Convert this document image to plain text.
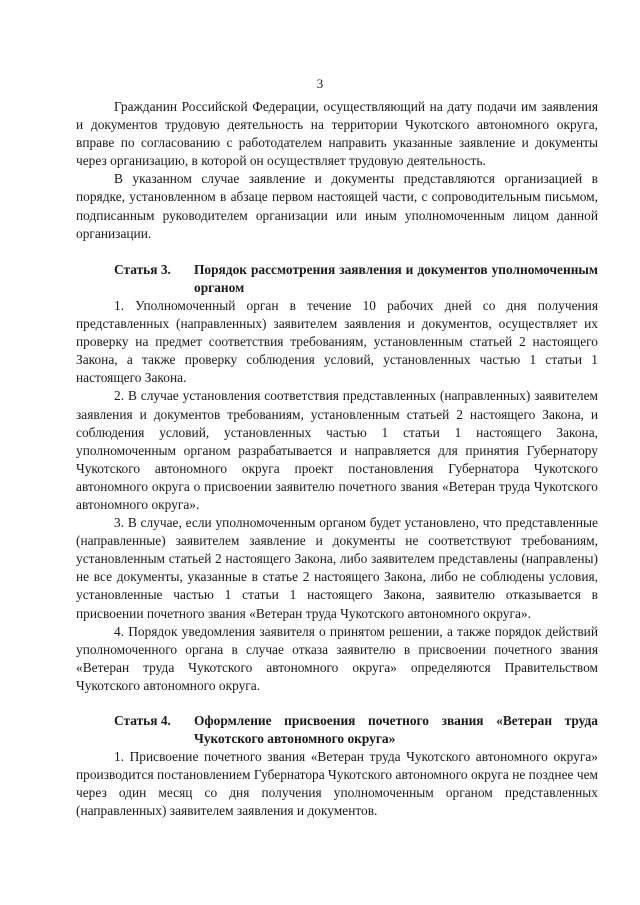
3

Гражданин Российской Федерации, осуществляющий на дату подачи им заявления и документов трудовую деятельность на территории Чукотского автономного округа, вправе по согласованию с работодателем направить указанные заявление и документы через организацию, в которой он осуществляет трудовую деятельность.

В указанном случае заявление и документы представляются организацией в порядке, установленном в абзаце первом настоящей части, с сопроводительным письмом, подписанным руководителем организации или иным уполномоченным лицом данной организации.

Статья 3.	Порядок рассмотрения заявления и документов уполномоченным органом

1. Уполномоченный орган в течение 10 рабочих дней со дня получения представленных (направленных) заявителем заявления и документов, осуществляет их проверку на предмет соответствия требованиям, установленным статьей 2 настоящего Закона, а также проверку соблюдения условий, установленных частью 1 статьи 1 настоящего Закона.

2. В случае установления соответствия представленных (направленных) заявителем заявления и документов требованиям, установленным статьей 2 настоящего Закона, и соблюдения условий, установленных частью 1 статьи 1 настоящего Закона, уполномоченным органом разрабатывается и направляется для принятия Губернатору Чукотского автономного округа проект постановления Губернатора Чукотского автономного округа о присвоении заявителю почетного звания «Ветеран труда Чукотского автономного округа».

3. В случае, если уполномоченным органом будет установлено, что представленные (направленные) заявителем заявление и документы не соответствуют требованиям, установленным статьей 2 настоящего Закона, либо заявителем представлены (направлены) не все документы, указанные в статье 2 настоящего Закона, либо не соблюдены условия, установленные частью 1 статьи 1 настоящего Закона, заявителю отказывается в присвоении почетного звания «Ветеран труда Чукотского автономного округа».

4. Порядок уведомления заявителя о принятом решении, а также порядок действий уполномоченного органа в случае отказа заявителю в присвоении почетного звания «Ветеран труда Чукотского автономного округа» определяются Правительством Чукотского автономного округа.

Статья 4.	Оформление присвоения почетного звания «Ветеран труда Чукотского автономного округа»

1. Присвоение почетного звания «Ветеран труда Чукотского автономного округа» производится постановлением Губернатора Чукотского автономного округа не позднее чем через один месяц со дня получения уполномоченным органом представленных (направленных) заявителем заявления и документов.
